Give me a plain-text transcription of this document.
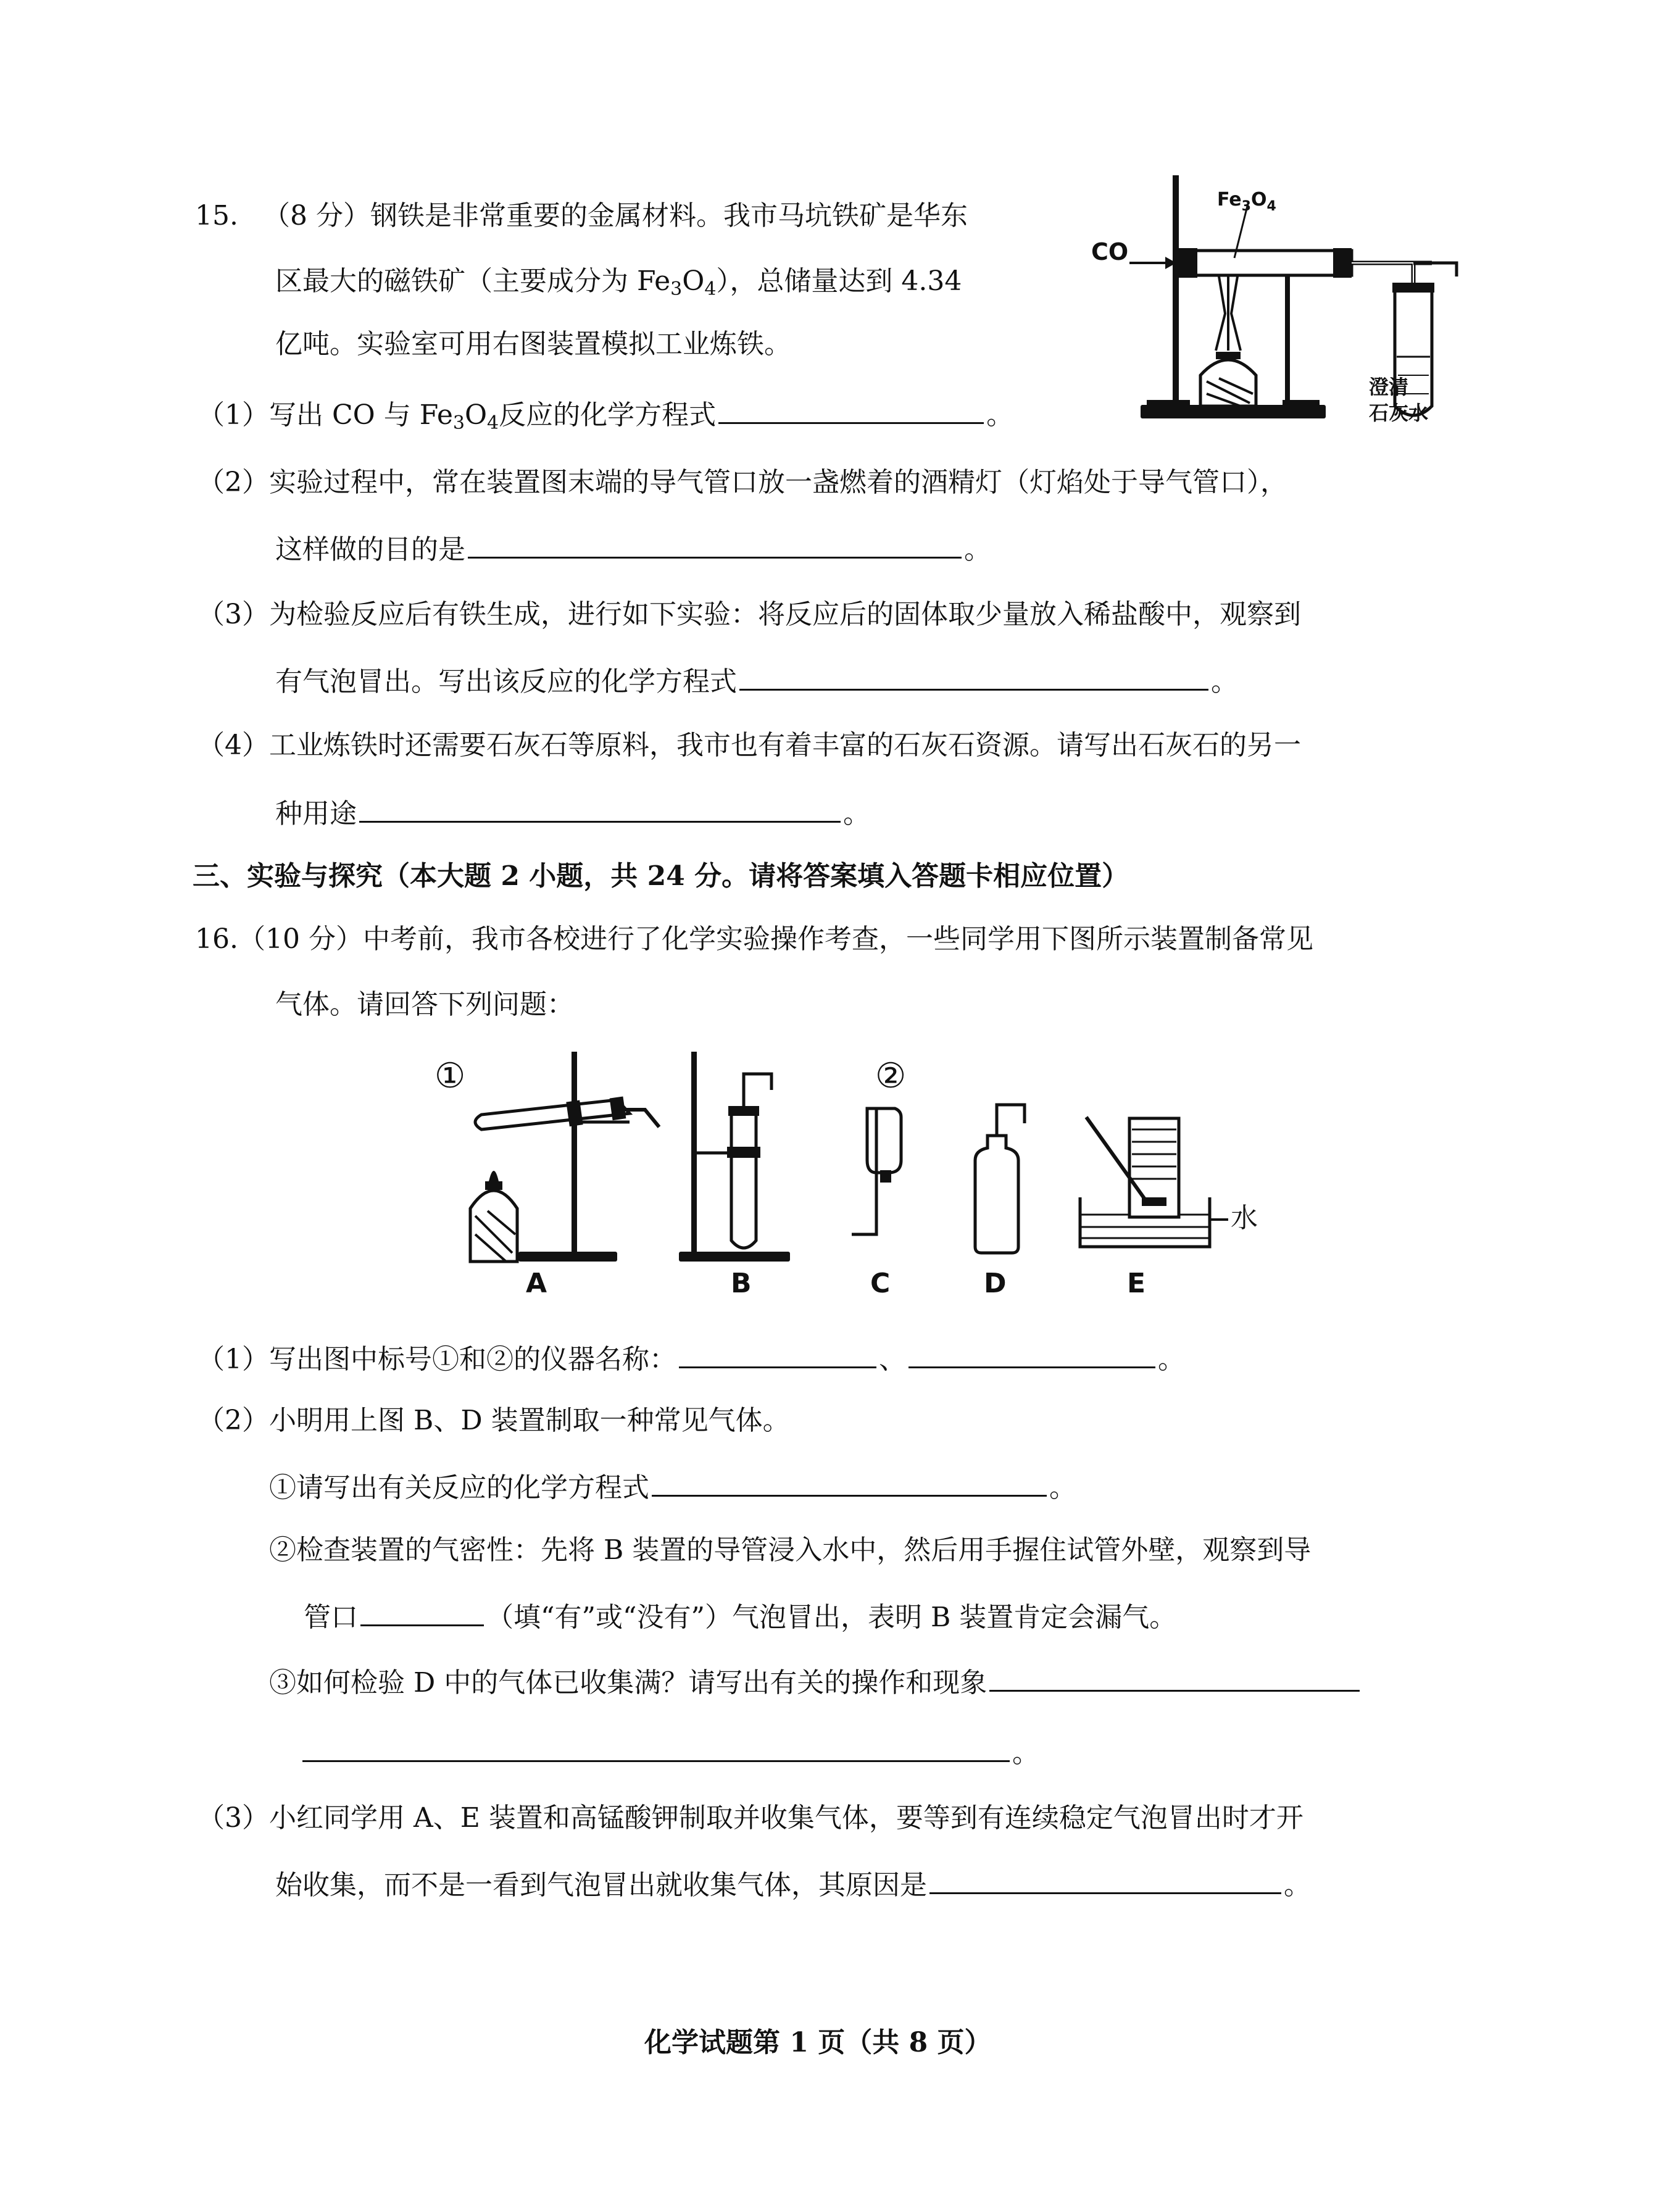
15. （8 分）钢铁是非常重要的金属材料。我市马坑铁矿是华东
区最大的磁铁矿（主要成分为 $Fe_3O_4$），总储量达到 4.34
亿吨。实验室可用右图装置模拟工业炼铁。
（1）写出 CO 与 $Fe_3O_4$反应的化学方程式	。
CO
$Fe_3O_4$
澄清
石灰水
（2）实验过程中，常在装置图末端的导气管口放一盏燃着的酒精灯（灯焰处于导气管口），
这样做的目的是	。
（3）为检验反应后有铁生成，进行如下实验：将反应后的固体取少量放入稀盐酸中，观察到
有气泡冒出。写出该反应的化学方程式	。
（4）工业炼铁时还需要石灰石等原料，我市也有着丰富的石灰石资源。请写出石灰石的另一
种用途	。
三、实验与探究（本大题 2 小题，共 24 分。请将答案填入答题卡相应位置）
16.（10 分）中考前，我市各校进行了化学实验操作考查，一些同学用下图所示装置制备常见
气体。请回答下列问题：
①	②
水
A	B	C	D	E
（1）写出图中标号①和②的仪器名称：	、	。
（2）小明用上图 B、D 装置制取一种常见气体。
①请写出有关反应的化学方程式	。
②检查装置的气密性：先将 B 装置的导管浸入水中，然后用手握住试管外壁，观察到导
管口	（填“有”或“没有”）气泡冒出，表明 B 装置肯定会漏气。
③如何检验 D 中的气体已收集满？请写出有关的操作和现象
。
（3）小红同学用 A、E 装置和高锰酸钾制取并收集气体，要等到有连续稳定气泡冒出时才开
始收集，而不是一看到气泡冒出就收集气体，其原因是	。
化学试题第 1 页（共 8 页）
